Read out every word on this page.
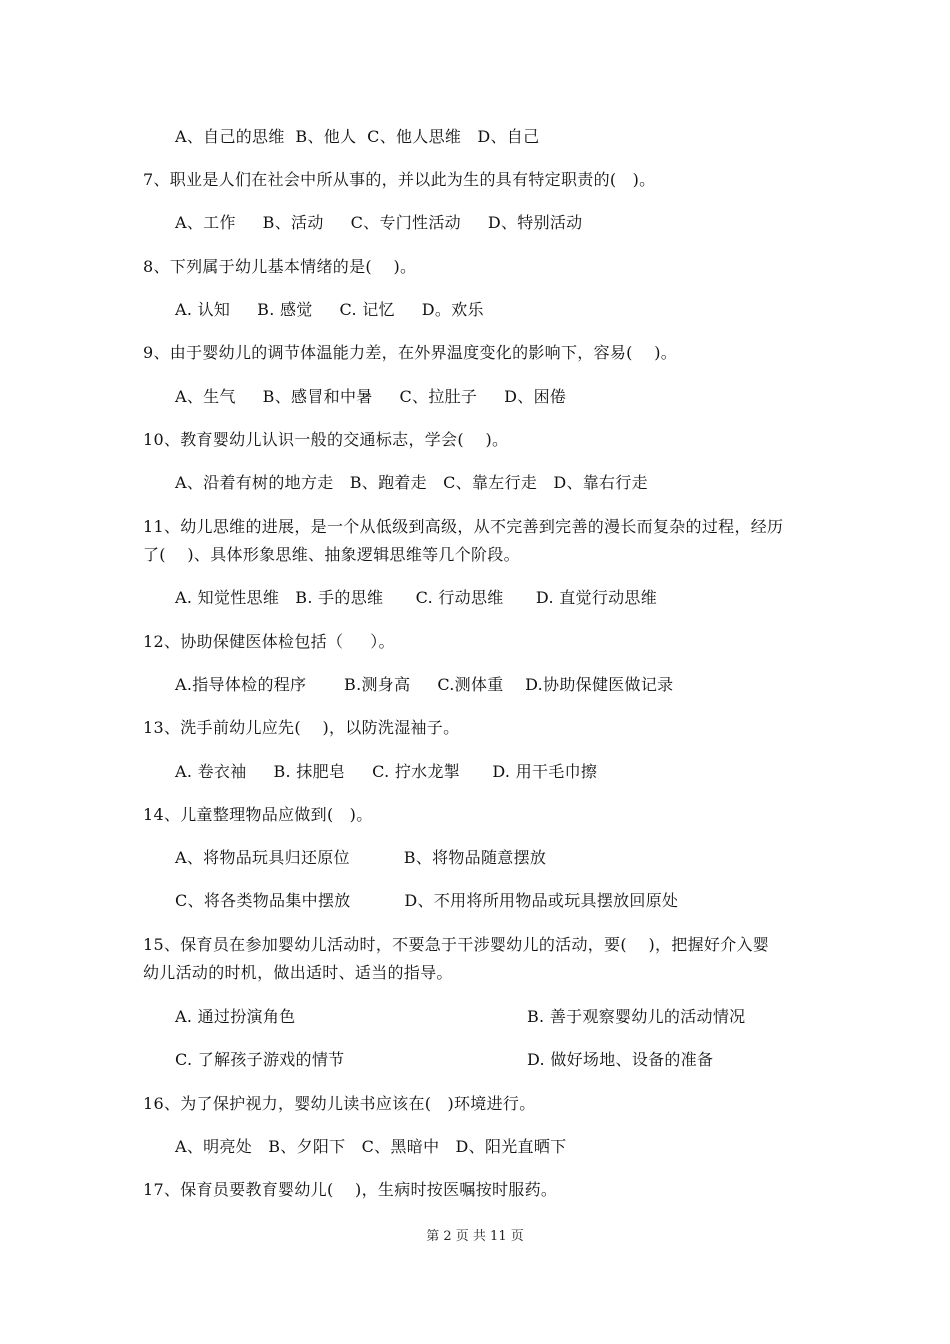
A、自己的思维  B、他人  C、他人思维   D、自己
7、职业是人们在社会中所从事的，并以此为生的具有特定职责的(   )。
A、工作     B、活动     C、专门性活动     D、特别活动
8、下列属于幼儿基本情绪的是(    )。
A. 认知     B. 感觉     C. 记忆     D。欢乐
9、由于婴幼儿的调节体温能力差，在外界温度变化的影响下，容易(    )。
A、生气     B、感冒和中暑     C、拉肚子     D、困倦
10、教育婴幼儿认识一般的交通标志，学会(    )。
A、沿着有树的地方走   B、跑着走   C、靠左行走   D、靠右行走
11、幼儿思维的进展，是一个从低级到高级，从不完善到完善的漫长而复杂的过程，经历
了(    )、具体形象思维、抽象逻辑思维等几个阶段。
A. 知觉性思维   B. 手的思维      C. 行动思维      D. 直觉行动思维
12、协助保健医体检包括（     ）。
A.指导体检的程序       B.测身高     C.测体重    D.协助保健医做记录
13、洗手前幼儿应先(    )，以防洗湿袖子。
A. 卷衣袖     B. 抹肥皂     C. 拧水龙掣      D. 用干毛巾擦
14、儿童整理物品应做到(   )。
A、将物品玩具归还原位          B、将物品随意摆放
C、将各类物品集中摆放          D、不用将所用物品或玩具摆放回原处
15、保育员在参加婴幼儿活动时，不要急于干涉婴幼儿的活动，要(    )，把握好介入婴
幼儿活动的时机，做出适时、适当的指导。
A. 通过扮演角色	B. 善于观察婴幼儿的活动情况
C. 了解孩子游戏的情节	D. 做好场地、设备的准备
16、为了保护视力，婴幼儿读书应该在(   )环境进行。
A、明亮处   B、夕阳下   C、黑暗中   D、阳光直晒下
17、保育员要教育婴幼儿(    )，生病时按医嘱按时服药。
第 2 页 共 11 页
